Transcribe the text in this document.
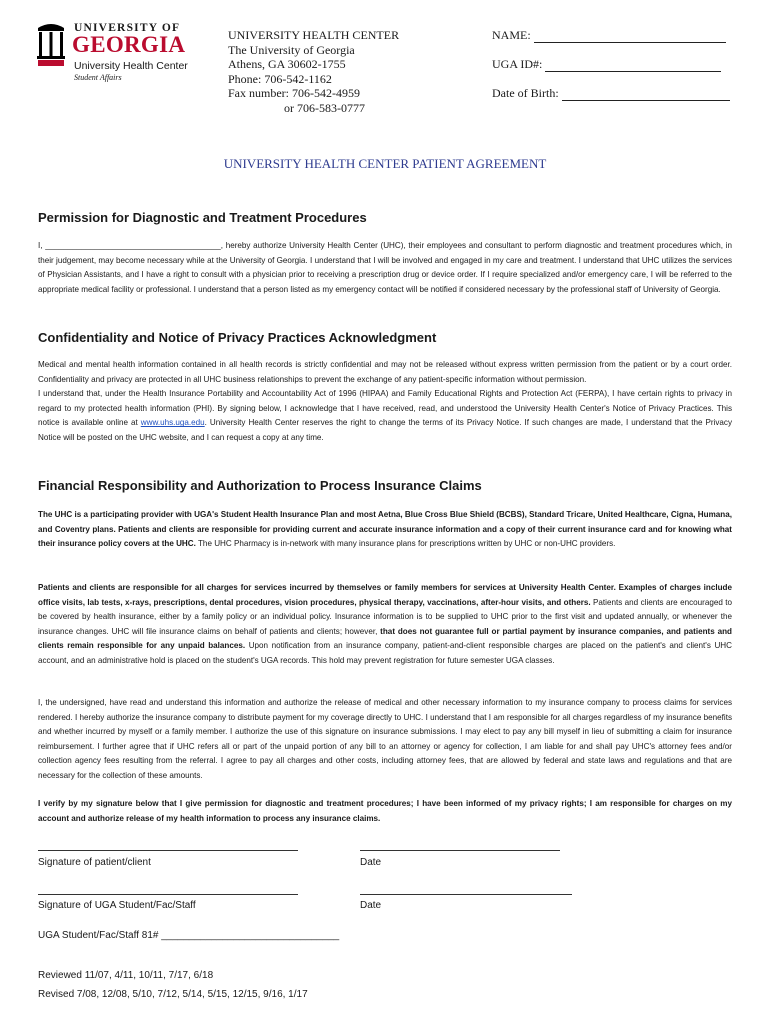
UNIVERSITY OF
GEORGIA
University Health Center
Student Affairs
UNIVERSITY HEALTH CENTER
The University of Georgia
Athens, GA 30602-1755
Phone: 706-542-1162
Fax number: 706-542-4959
or 706-583-0777
NAME:
UGA ID#:
Date of Birth:
UNIVERSITY HEALTH CENTER PATIENT AGREEMENT
Permission for Diagnostic and Treatment Procedures

I, _______________________________________, hereby authorize University Health Center (UHC), their employees and consultant to perform diagnostic and treatment procedures which, in their judgement, may become necessary while at the University of Georgia. I understand that I will be involved and engaged in my care and treatment. I understand that UHC utilizes the services of Physician Assistants, and I have a right to consult with a physician prior to receiving a prescription drug or device order. If I require specialized and/or emergency care, I will be referred to the appropriate medical facility or professional. I understand that a person listed as my emergency contact will be notified if considered necessary by the professional staff of University of Georgia.

Confidentiality and Notice of Privacy Practices Acknowledgment

Medical and mental health information contained in all health records is strictly confidential and may not be released without express written permission from the patient or by a court order. Confidentiality and privacy are protected in all UHC business relationships to prevent the exchange of any patient-specific information without permission.

I understand that, under the Health Insurance Portability and Accountability Act of 1996 (HIPAA) and Family Educational Rights and Protection Act (FERPA), I have certain rights to privacy in regard to my protected health information (PHI). By signing below, I acknowledge that I have received, read, and understood the University Health Center's Notice of Privacy Practices. This notice is available online at www.uhs.uga.edu. University Health Center reserves the right to change the terms of its Privacy Notice. If such changes are made, I understand that the Privacy Notice will be posted on the UHC website, and I can request a copy at any time.

Financial Responsibility and Authorization to Process Insurance Claims

The UHC is a participating provider with UGA's Student Health Insurance Plan and most Aetna, Blue Cross Blue Shield (BCBS), Standard Tricare, United Healthcare, Cigna, Humana, and Coventry plans. Patients and clients are responsible for providing current and accurate insurance information and a copy of their current insurance card and for knowing what their insurance policy covers at the UHC. The UHC Pharmacy is in-network with many insurance plans for prescriptions written by UHC or non-UHC providers.

Patients and clients are responsible for all charges for services incurred by themselves or family members for services at University Health Center. Examples of charges include office visits, lab tests, x-rays, prescriptions, dental procedures, vision procedures, physical therapy, vaccinations, after-hour visits, and others. Patients and clients are encouraged to be covered by health insurance, either by a family policy or an individual policy. Insurance information is to be supplied to UHC prior to the first visit and updated annually, or whenever the insurance changes. UHC will file insurance claims on behalf of patients and clients; however, that does not guarantee full or partial payment by insurance companies, and patients and clients remain responsible for any unpaid balances. Upon notification from an insurance company, patient-and-client responsible charges are placed on the patient's and client's UHC account, and an administrative hold is placed on the student's UGA records. This hold may prevent registration for future semester UGA classes.

I, the undersigned, have read and understand this information and authorize the release of medical and other necessary information to my insurance company to process claims for services rendered. I hereby authorize the insurance company to distribute payment for my coverage directly to UHC. I understand that I am responsible for all charges regardless of my insurance benefits and whether incurred by myself or a family member. I authorize the use of this signature on insurance submissions. I may elect to pay any bill myself in lieu of submitting a claim for insurance reimbursement. I further agree that if UHC refers all or part of the unpaid portion of any bill to an attorney or agency for collection, I am liable for and shall pay UHC's attorney fees and/or collection agency fees resulting from the referral. I agree to pay all charges and other costs, including attorney fees, that are allowed by federal and state laws and regulations and that are necessary for the collection of these amounts.

I verify by my signature below that I give permission for diagnostic and treatment procedures; I have been informed of my privacy rights; I am responsible for charges on my account and authorize release of my health information to process any insurance claims.

Signature of patient/client	Date
Signature of UGA Student/Fac/Staff	Date
UGA Student/Fac/Staff 81# ________________________________
Reviewed 11/07, 4/11, 10/11, 7/17, 6/18
Revised 7/08, 12/08, 5/10, 7/12, 5/14, 5/15, 12/15, 9/16, 1/17
